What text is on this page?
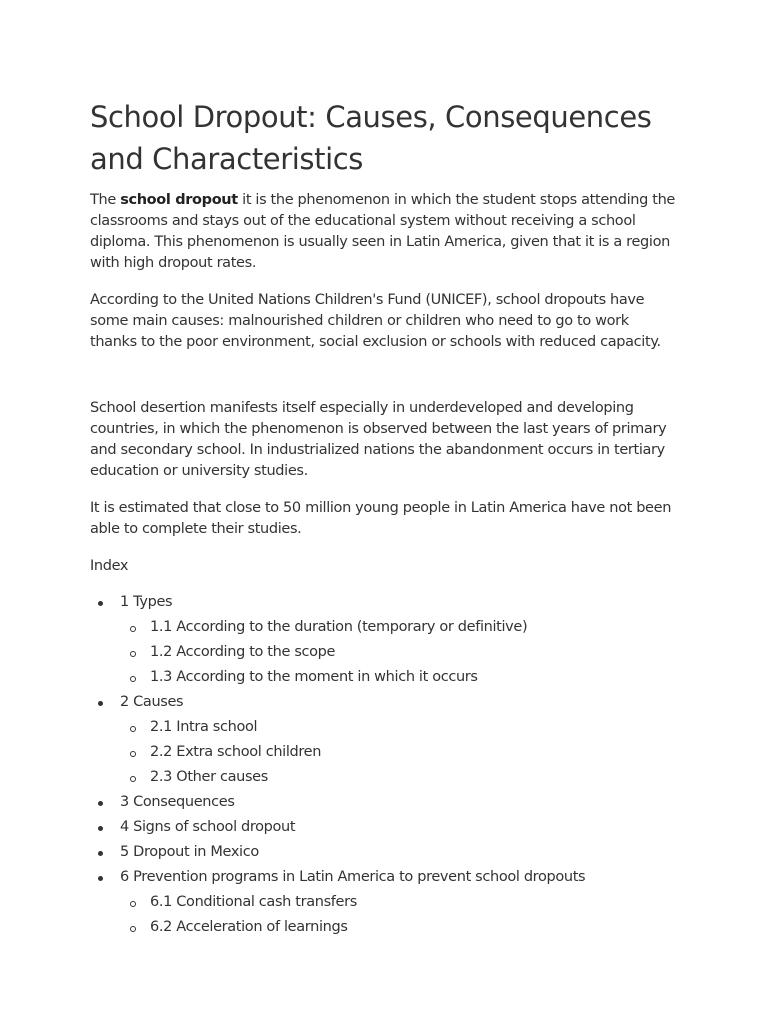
School Dropout: Causes, Consequences and Characteristics

The school dropout it is the phenomenon in which the student stops attending the classrooms and stays out of the educational system without receiving a school diploma. This phenomenon is usually seen in Latin America, given that it is a region with high dropout rates.

According to the United Nations Children's Fund (UNICEF), school dropouts have some main causes: malnourished children or children who need to go to work thanks to the poor environment, social exclusion or schools with reduced capacity.

School desertion manifests itself especially in underdeveloped and developing countries, in which the phenomenon is observed between the last years of primary and secondary school. In industrialized nations the abandonment occurs in tertiary education or university studies.

It is estimated that close to 50 million young people in Latin America have not been able to complete their studies.

Index

1 Types
1.1 According to the duration (temporary or definitive)
1.2 According to the scope
1.3 According to the moment in which it occurs
2 Causes
2.1 Intra school
2.2 Extra school children
2.3 Other causes
3 Consequences
4 Signs of school dropout
5 Dropout in Mexico
6 Prevention programs in Latin America to prevent school dropouts
6.1 Conditional cash transfers
6.2 Acceleration of learnings
